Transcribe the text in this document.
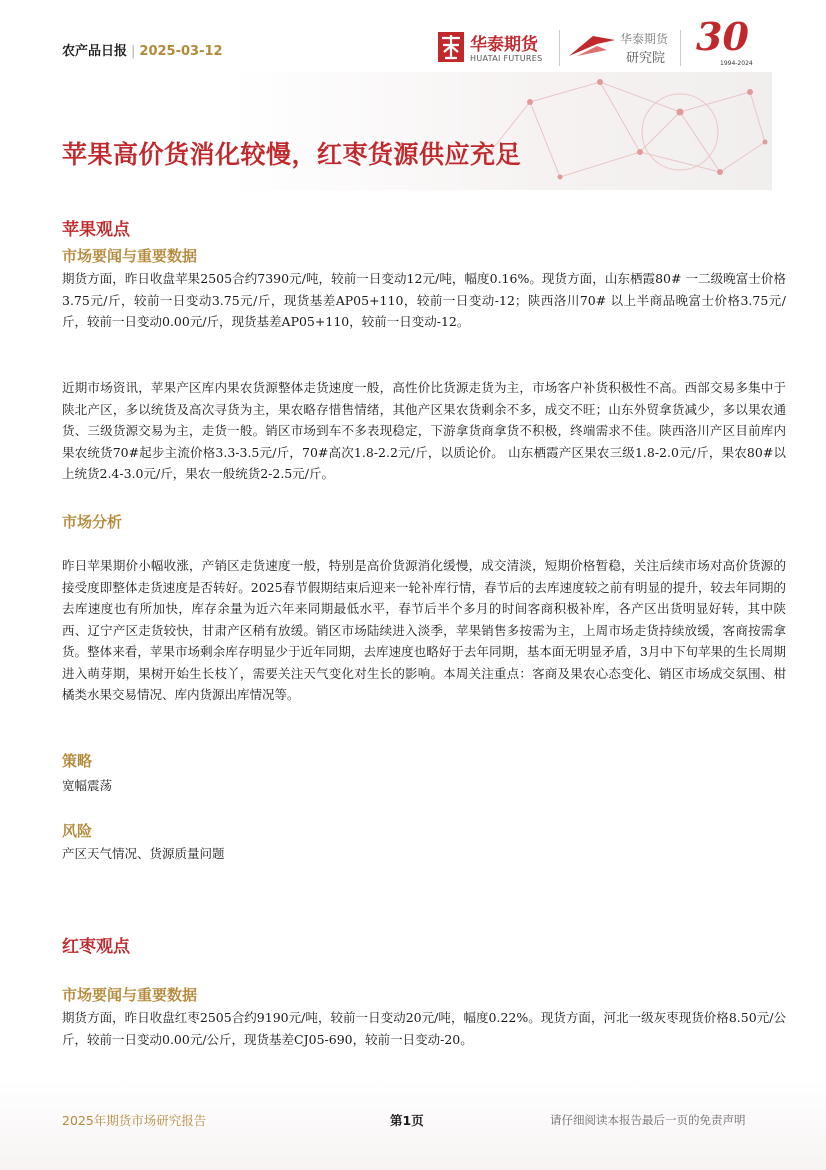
农产品日报 | 2025-03-12	华泰期货
HUATAI FUTURES
华泰期货
研究院 30
1994-2024
苹果高价货消化较慢，红枣货源供应充足
苹果观点
市场要闻与重要数据
期货方面，昨日收盘苹果2505合约7390元/吨，较前一日变动12元/吨，幅度0.16%。现货方面，山东栖霞80# 一二级晚富士价格3.75元/斤，较前一日变动3.75元/斤，现货基差AP05+110，较前一日变动-12；陕西洛川70# 以上半商品晚富士价格3.75元/斤，较前一日变动0.00元/斤，现货基差AP05+110，较前一日变动-12。
近期市场资讯，苹果产区库内果农货源整体走货速度一般，高性价比货源走货为主，市场客户补货积极性不高。西部交易多集中于陕北产区，多以统货及高次寻货为主，果农略存惜售情绪，其他产区果农货剩余不多，成交不旺；山东外贸拿货减少，多以果农通货、三级货源交易为主，走货一般。销区市场到车不多表现稳定，下游拿货商拿货不积极，终端需求不佳。陕西洛川产区目前库内果农统货70#起步主流价格3.3-3.5元/斤，70#高次1.8-2.2元/斤，以质论价。 山东栖霞产区果农三级1.8-2.0元/斤，果农80#以上统货2.4-3.0元/斤，果农一般统货2-2.5元/斤。
市场分析
昨日苹果期价小幅收涨，产销区走货速度一般，特别是高价货源消化缓慢，成交清淡，短期价格暂稳，关注后续市场对高价货源的接受度即整体走货速度是否转好。2025春节假期结束后迎来一轮补库行情，春节后的去库速度较之前有明显的提升，较去年同期的去库速度也有所加快，库存余量为近六年来同期最低水平，春节后半个多月的时间客商积极补库，各产区出货明显好转，其中陕西、辽宁产区走货较快，甘肃产区稍有放缓。销区市场陆续进入淡季，苹果销售多按需为主，上周市场走货持续放缓，客商按需拿货。整体来看，苹果市场剩余库存明显少于近年同期，去库速度也略好于去年同期，基本面无明显矛盾，3月中下旬苹果的生长周期进入萌芽期，果树开始生长枝丫，需要关注天气变化对生长的影响。本周关注重点：客商及果农心态变化、销区市场成交氛围、柑橘类水果交易情况、库内货源出库情况等。
策略
宽幅震荡
风险
产区天气情况、货源质量问题
红枣观点
市场要闻与重要数据
期货方面，昨日收盘红枣2505合约9190元/吨，较前一日变动20元/吨，幅度0.22%。现货方面，河北一级灰枣现货价格8.50元/公斤，较前一日变动0.00元/公斤，现货基差CJ05-690，较前一日变动-20。
2025年期货市场研究报告	第1页	请仔细阅读本报告最后一页的免责声明
